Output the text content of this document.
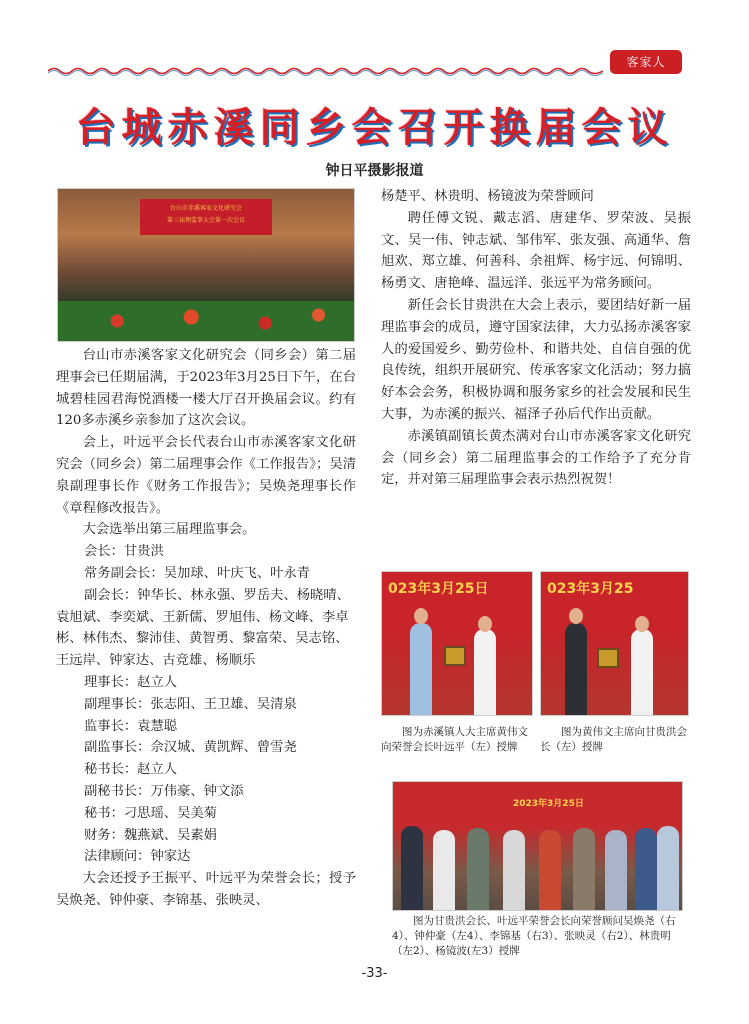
客家人
台城赤溪同乡会召开换届会议
钟日平摄影报道
台山市赤溪客家文化研究会
第三届理监事大会第一次会议

台山市赤溪客家文化研究会（同乡会）第二届理事会已任期届满，于2023年3月25日下午，在台城碧桂园君海悦酒楼一楼大厅召开换届会议。约有120多赤溪乡亲参加了这次会议。

会上，叶远平会长代表台山市赤溪客家文化研究会（同乡会）第二届理事会作《工作报告》；吴清泉副理事长作《财务工作报告》；吴焕尧理事长作《章程修改报告》。

大会选举出第三届理监事会。

会长：甘贵洪

常务副会长：吴加球、叶庆飞、叶永青

副会长：钟华长、林永强、罗岳夫、杨晓晴、

袁旭斌、李奕斌、王新儒、罗旭伟、杨文峰、李卓彬、林伟杰、黎沛佳、黄智勇、黎富荣、吴志铭、王远岸、钟家达、古竞雄、杨顺乐

理事长：赵立人

副理事长：张志阳、王卫雄、吴清泉

监事长：袁慧聪

副监事长：佘汉城、黄凯辉、曾雪尧

秘书长：赵立人

副秘书长：万伟豪、钟文添

秘书：刁思瑶、吴美菊

财务：魏燕斌、吴素娟

法律顾问：钟家达

大会还授予王振平、叶远平为荣誉会长；授予吴焕尧、钟仲豪、李锦基、张映灵、

杨楚平、林贵明、杨镜波为荣誉顾问

聘任傅文锐、戴志滔、唐建华、罗荣波、吴振文、吴一伟、钟志斌、邹伟军、张友强、高通华、詹旭欢、郑立雄、何善科、余祖辉、杨宇远、何锦明、杨勇文、唐艳峰、温远洋、张远平为常务顾问。

新任会长甘贵洪在大会上表示，要团结好新一届理监事会的成员，遵守国家法律，大力弘扬赤溪客家人的爱国爱乡、勤劳俭朴、和谐共处、自信自强的优良传统，组织开展研究、传承客家文化活动；努力搞好本会会务，积极协调和服务家乡的社会发展和民生大事，为赤溪的振兴、福泽子孙后代作出贡献。

赤溪镇副镇长黄杰满对台山市赤溪客家文化研究会（同乡会）第二届理监事会的工作给予了充分肯定，并对第三届理监事会表示热烈祝贺！

023年3月25日	023年3月25
图为赤溪镇人大主席黄伟文向荣誉会长叶远平（左）授牌
图为黄伟文主席向甘贵洪会长（左）授牌
2023年3月25日
图为甘贵洪会长、叶远平荣誉会长向荣誉顾问吴焕尧（右4）、钟仲豪（左4）、李锦基（右3）、张映灵（右2）、林贵明（左2）、杨镜波(左3）授牌
-33-
